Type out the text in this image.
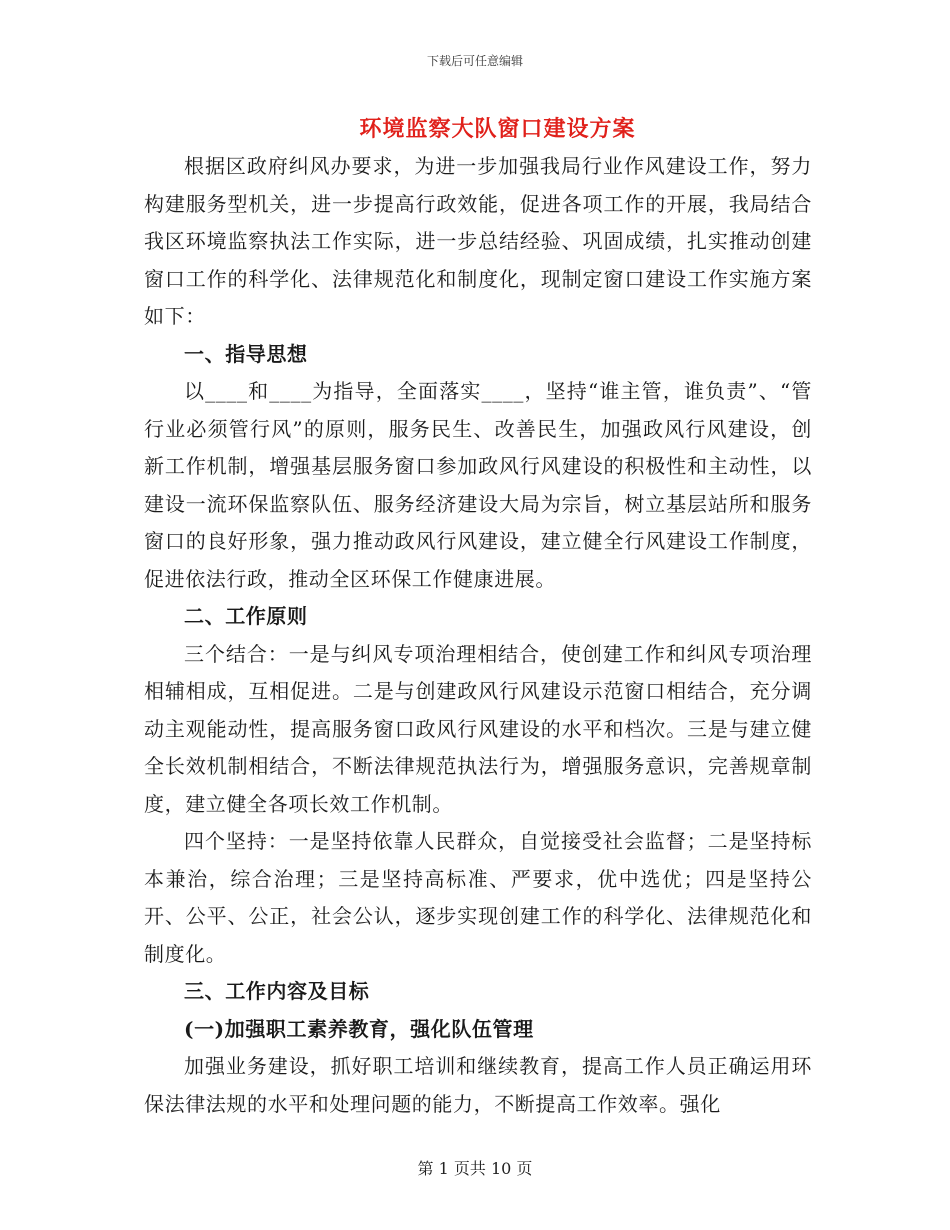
下载后可任意编辑
环境监察大队窗口建设方案

根据区政府纠风办要求，为进一步加强我局行业作风建设工作，努力构建服务型机关，进一步提高行政效能，促进各项工作的开展，我局结合我区环境监察执法工作实际，进一步总结经验、巩固成绩，扎实推动创建窗口工作的科学化、法律规范化和制度化，现制定窗口建设工作实施方案如下：

一、指导思想

以____和____为指导，全面落实____，坚持“谁主管，谁负责”、“管行业必须管行风”的原则，服务民生、改善民生，加强政风行风建设，创新工作机制，增强基层服务窗口参加政风行风建设的积极性和主动性，以建设一流环保监察队伍、服务经济建设大局为宗旨，树立基层站所和服务窗口的良好形象，强力推动政风行风建设，建立健全行风建设工作制度，促进依法行政，推动全区环保工作健康进展。

二、工作原则

三个结合：一是与纠风专项治理相结合，使创建工作和纠风专项治理相辅相成，互相促进。二是与创建政风行风建设示范窗口相结合，充分调动主观能动性，提高服务窗口政风行风建设的水平和档次。三是与建立健全长效机制相结合，不断法律规范执法行为，增强服务意识，完善规章制度，建立健全各项长效工作机制。

四个坚持：一是坚持依靠人民群众，自觉接受社会监督；二是坚持标本兼治，综合治理；三是坚持高标准、严要求，优中选优；四是坚持公开、公平、公正，社会公认，逐步实现创建工作的科学化、法律规范化和制度化。

三、工作内容及目标
(一)加强职工素养教育，强化队伍管理

加强业务建设，抓好职工培训和继续教育，提高工作人员正确运用环保法律法规的水平和处理问题的能力，不断提高工作效率。强化

第 1 页共 10 页
